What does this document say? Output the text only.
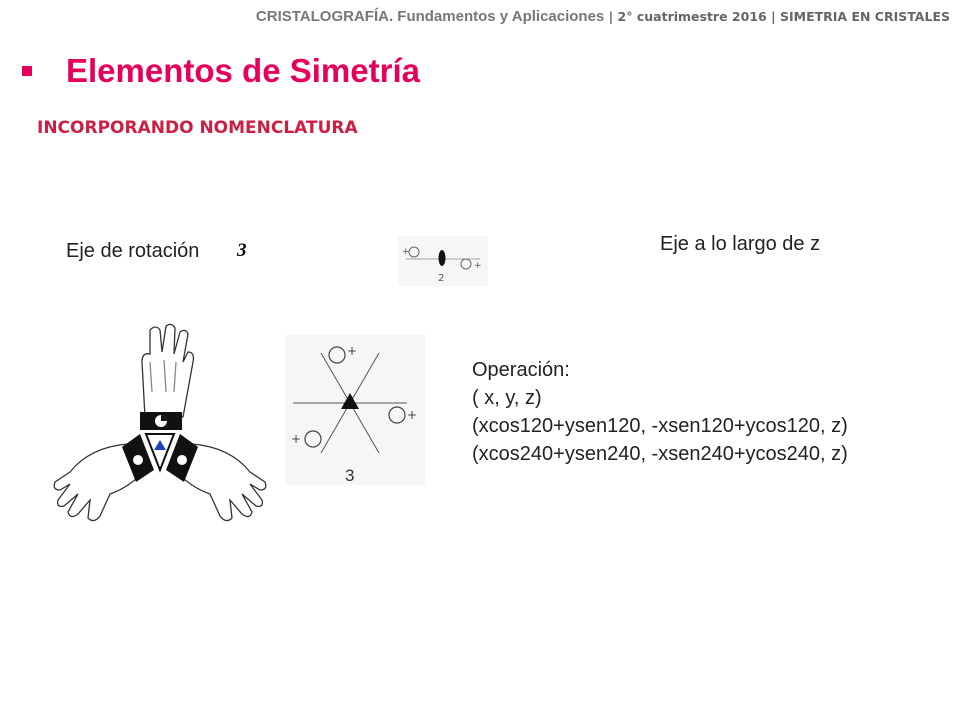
CRISTALOGRAFÍA. Fundamentos y Aplicaciones | 2° cuatrimestre 2016 | SIMETRIA EN CRISTALES
Elementos de Simetría
INCORPORANDO NOMENCLATURA
Eje de rotación 3	+
+
2
Eje a lo largo de z
+
+
+
3
Operación:
( x, y, z)
(xcos120+ysen120, -xsen120+ycos120, z)
(xcos240+ysen240, -xsen240+ycos240, z)
